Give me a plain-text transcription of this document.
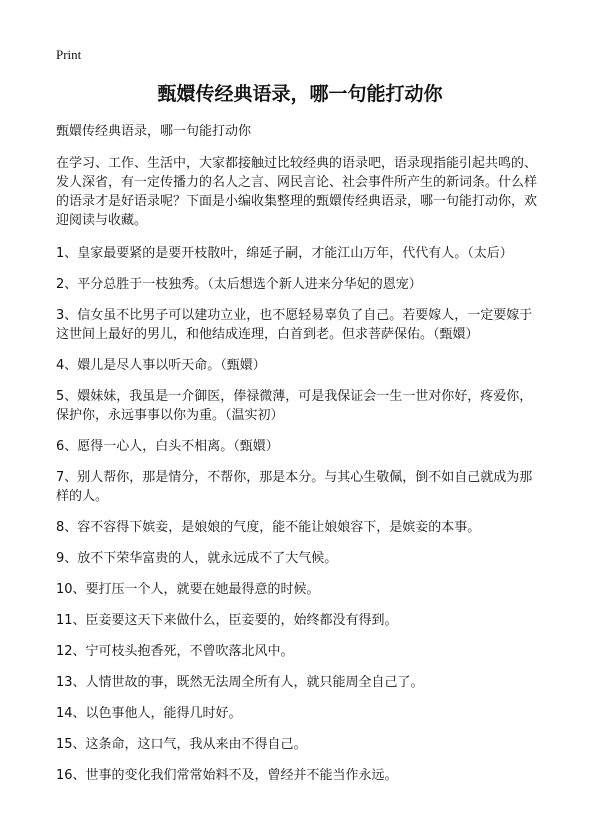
Print
甄嬛传经典语录，哪一句能打动你

甄嬛传经典语录，哪一句能打动你

在学习、工作、生活中，大家都接触过比较经典的语录吧，语录现指能引起共鸣的、发人深省，有一定传播力的名人之言、网民言论、社会事件所产生的新词条。什么样的语录才是好语录呢？下面是小编收集整理的甄嬛传经典语录，哪一句能打动你，欢迎阅读与收藏。

1、皇家最要紧的是要开枝散叶，绵延子嗣，才能江山万年，代代有人。（太后）
2、平分总胜于一枝独秀。（太后想选个新人进来分华妃的恩宠）
3、信女虽不比男子可以建功立业，也不愿轻易辜负了自己。若要嫁人，一定要嫁于这世间上最好的男儿，和他结成连理，白首到老。但求菩萨保佑。（甄嬛）
4、嬛儿是尽人事以听天命。（甄嬛）
5、嬛妹妹，我虽是一介御医，俸禄微薄，可是我保证会一生一世对你好，疼爱你，保护你，永远事事以你为重。（温实初）
6、愿得一心人，白头不相离。（甄嬛）
7、别人帮你，那是情分，不帮你，那是本分。与其心生敬佩，倒不如自己就成为那样的人。
8、容不容得下嫔妾，是娘娘的气度，能不能让娘娘容下，是嫔妾的本事。
9、放不下荣华富贵的人，就永远成不了大气候。
10、要打压一个人，就要在她最得意的时候。
11、臣妾要这天下来做什么，臣妾要的，始终都没有得到。
12、宁可枝头抱香死，不曾吹落北风中。
13、人情世故的事，既然无法周全所有人，就只能周全自己了。
14、以色事他人，能得几时好。
15、这条命，这口气，我从来由不得自己。
16、世事的变化我们常常始料不及，曾经并不能当作永远。
